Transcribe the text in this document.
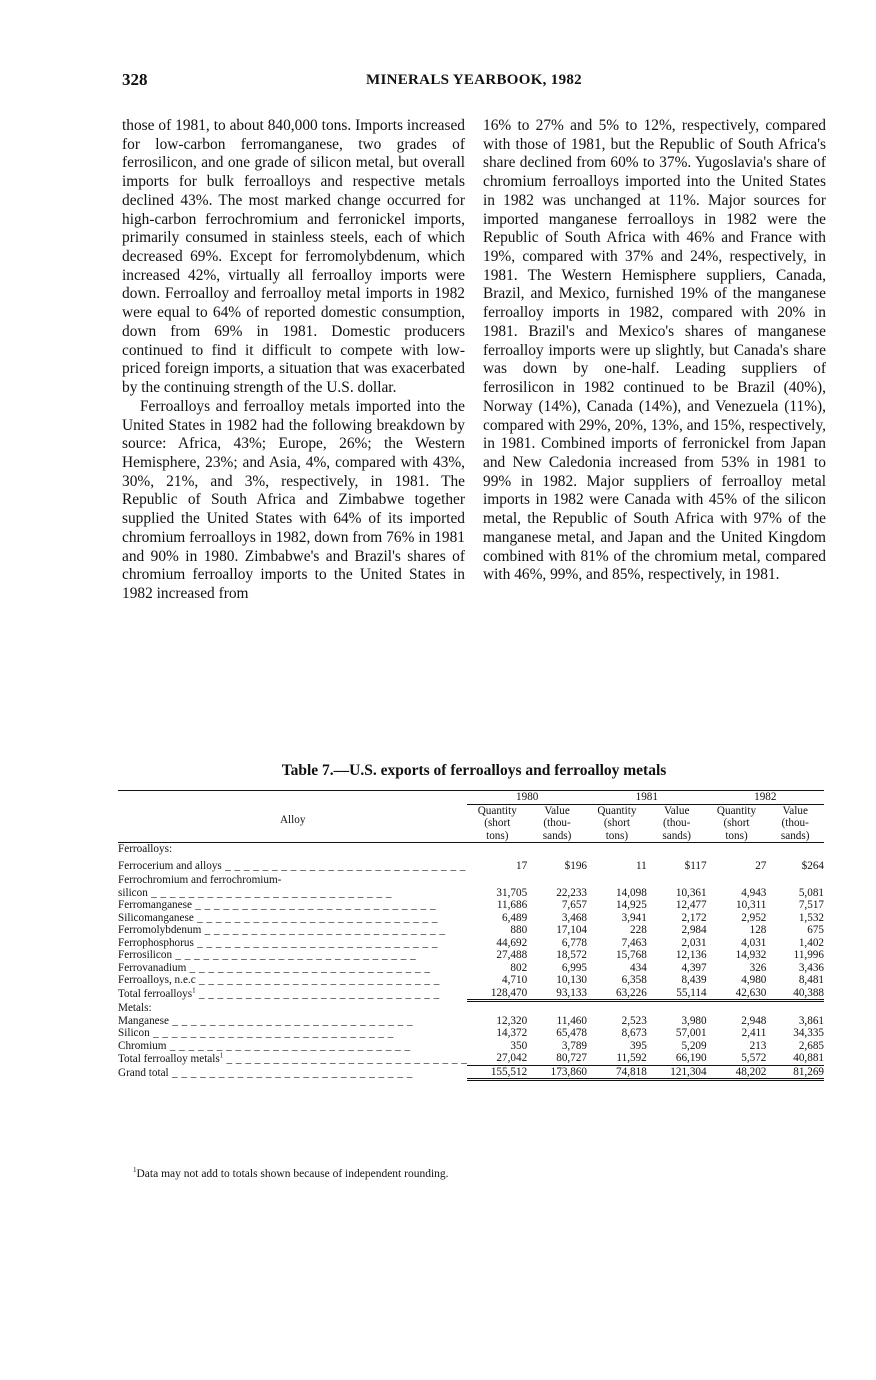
328	MINERALS YEARBOOK, 1982

those of 1981, to about 840,000 tons. Imports increased for low-carbon ferromanganese, two grades of ferrosilicon, and one grade of silicon metal, but overall imports for bulk ferroalloys and respective metals declined 43%. The most marked change occurred for high-carbon ferrochromium and ferronickel imports, primarily consumed in stainless steels, each of which decreased 69%. Except for ferromolybdenum, which increased 42%, virtually all ferroalloy imports were down. Ferroalloy and ferroalloy metal imports in 1982 were equal to 64% of reported domestic consumption, down from 69% in 1981. Domestic producers continued to find it difficult to compete with low-priced foreign imports, a situation that was exacerbated by the continuing strength of the U.S. dollar.

Ferroalloys and ferroalloy metals imported into the United States in 1982 had the following breakdown by source: Africa, 43%; Europe, 26%; the Western Hemisphere, 23%; and Asia, 4%, compared with 43%, 30%, 21%, and 3%, respectively, in 1981. The Republic of South Africa and Zimbabwe together supplied the United States with 64% of its imported chromium ferroalloys in 1982, down from 76% in 1981 and 90% in 1980. Zimbabwe's and Brazil's shares of chromium ferroalloy imports to the United States in 1982 increased from

16% to 27% and 5% to 12%, respectively, compared with those of 1981, but the Republic of South Africa's share declined from 60% to 37%. Yugoslavia's share of chromium ferroalloys imported into the United States in 1982 was unchanged at 11%. Major sources for imported manganese ferroalloys in 1982 were the Republic of South Africa with 46% and France with 19%, compared with 37% and 24%, respectively, in 1981. The Western Hemisphere suppliers, Canada, Brazil, and Mexico, furnished 19% of the manganese ferroalloy imports in 1982, compared with 20% in 1981. Brazil's and Mexico's shares of manganese ferroalloy imports were up slightly, but Canada's share was down by one-half. Leading suppliers of ferrosilicon in 1982 continued to be Brazil (40%), Norway (14%), Canada (14%), and Venezuela (11%), compared with 29%, 20%, 13%, and 15%, respectively, in 1981. Combined imports of ferronickel from Japan and New Caledonia increased from 53% in 1981 to 99% in 1982. Major suppliers of ferroalloy metal imports in 1982 were Canada with 45% of the silicon metal, the Republic of South Africa with 97% of the manganese metal, and Japan and the United Kingdom combined with 81% of the chromium metal, compared with 46%, 99%, and 85%, respectively, in 1981.

Table 7.—U.S. exports of ferroalloys and ferroalloy metals
	1980		1981		1982	
Alloy	Quantity
(short
tons)	Value
(thou-
sands)	Quantity
(short
tons)	Value
(thou-
sands)	Quantity
(short
tons)	Value
(thou-
sands)
Ferroalloys:						
Ferrocerium and alloys _ _ _	17	$196	11	$117	27	$264
Ferrochromium and ferrochromium-						
silicon _ _ _	31,705	22,233	14,098	10,361	4,943	5,081
Ferromanganese _ _ _	11,686	7,657	14,925	12,477	10,311	7,517
Silicomanganese _ _ _	6,489	3,468	3,941	2,172	2,952	1,532
Ferromolybdenum _ _ _	880	17,104	228	2,984	128	675
Ferrophosphorus _ _ _	44,692	6,778	7,463	2,031	4,031	1,402
Ferrosilicon _ _ _	27,488	18,572	15,768	12,136	14,932	11,996
Ferrovanadium _ _ _	802	6,995	434	4,397	326	3,436
Ferroalloys, n.e.c _ _ _	4,710	10,130	6,358	8,439	4,980	8,481
Total ferroalloys$^1$ _ _ _	128,470	93,133	63,226	55,114	42,630	40,388
Metals:						
Manganese _ _ _	12,320	11,460	2,523	3,980	2,948	3,861
Silicon _ _ _	14,372	65,478	8,673	57,001	2,411	34,335
Chromium _ _ _	350	3,789	395	5,209	213	2,685
Total ferroalloy metals$^1$ _ _ _	27,042	80,727	11,592	66,190	5,572	40,881
Grand total _ _ _	155,512	173,860	74,818	121,304	48,202	81,269
$^1$Data may not add to totals shown because of independent rounding.
